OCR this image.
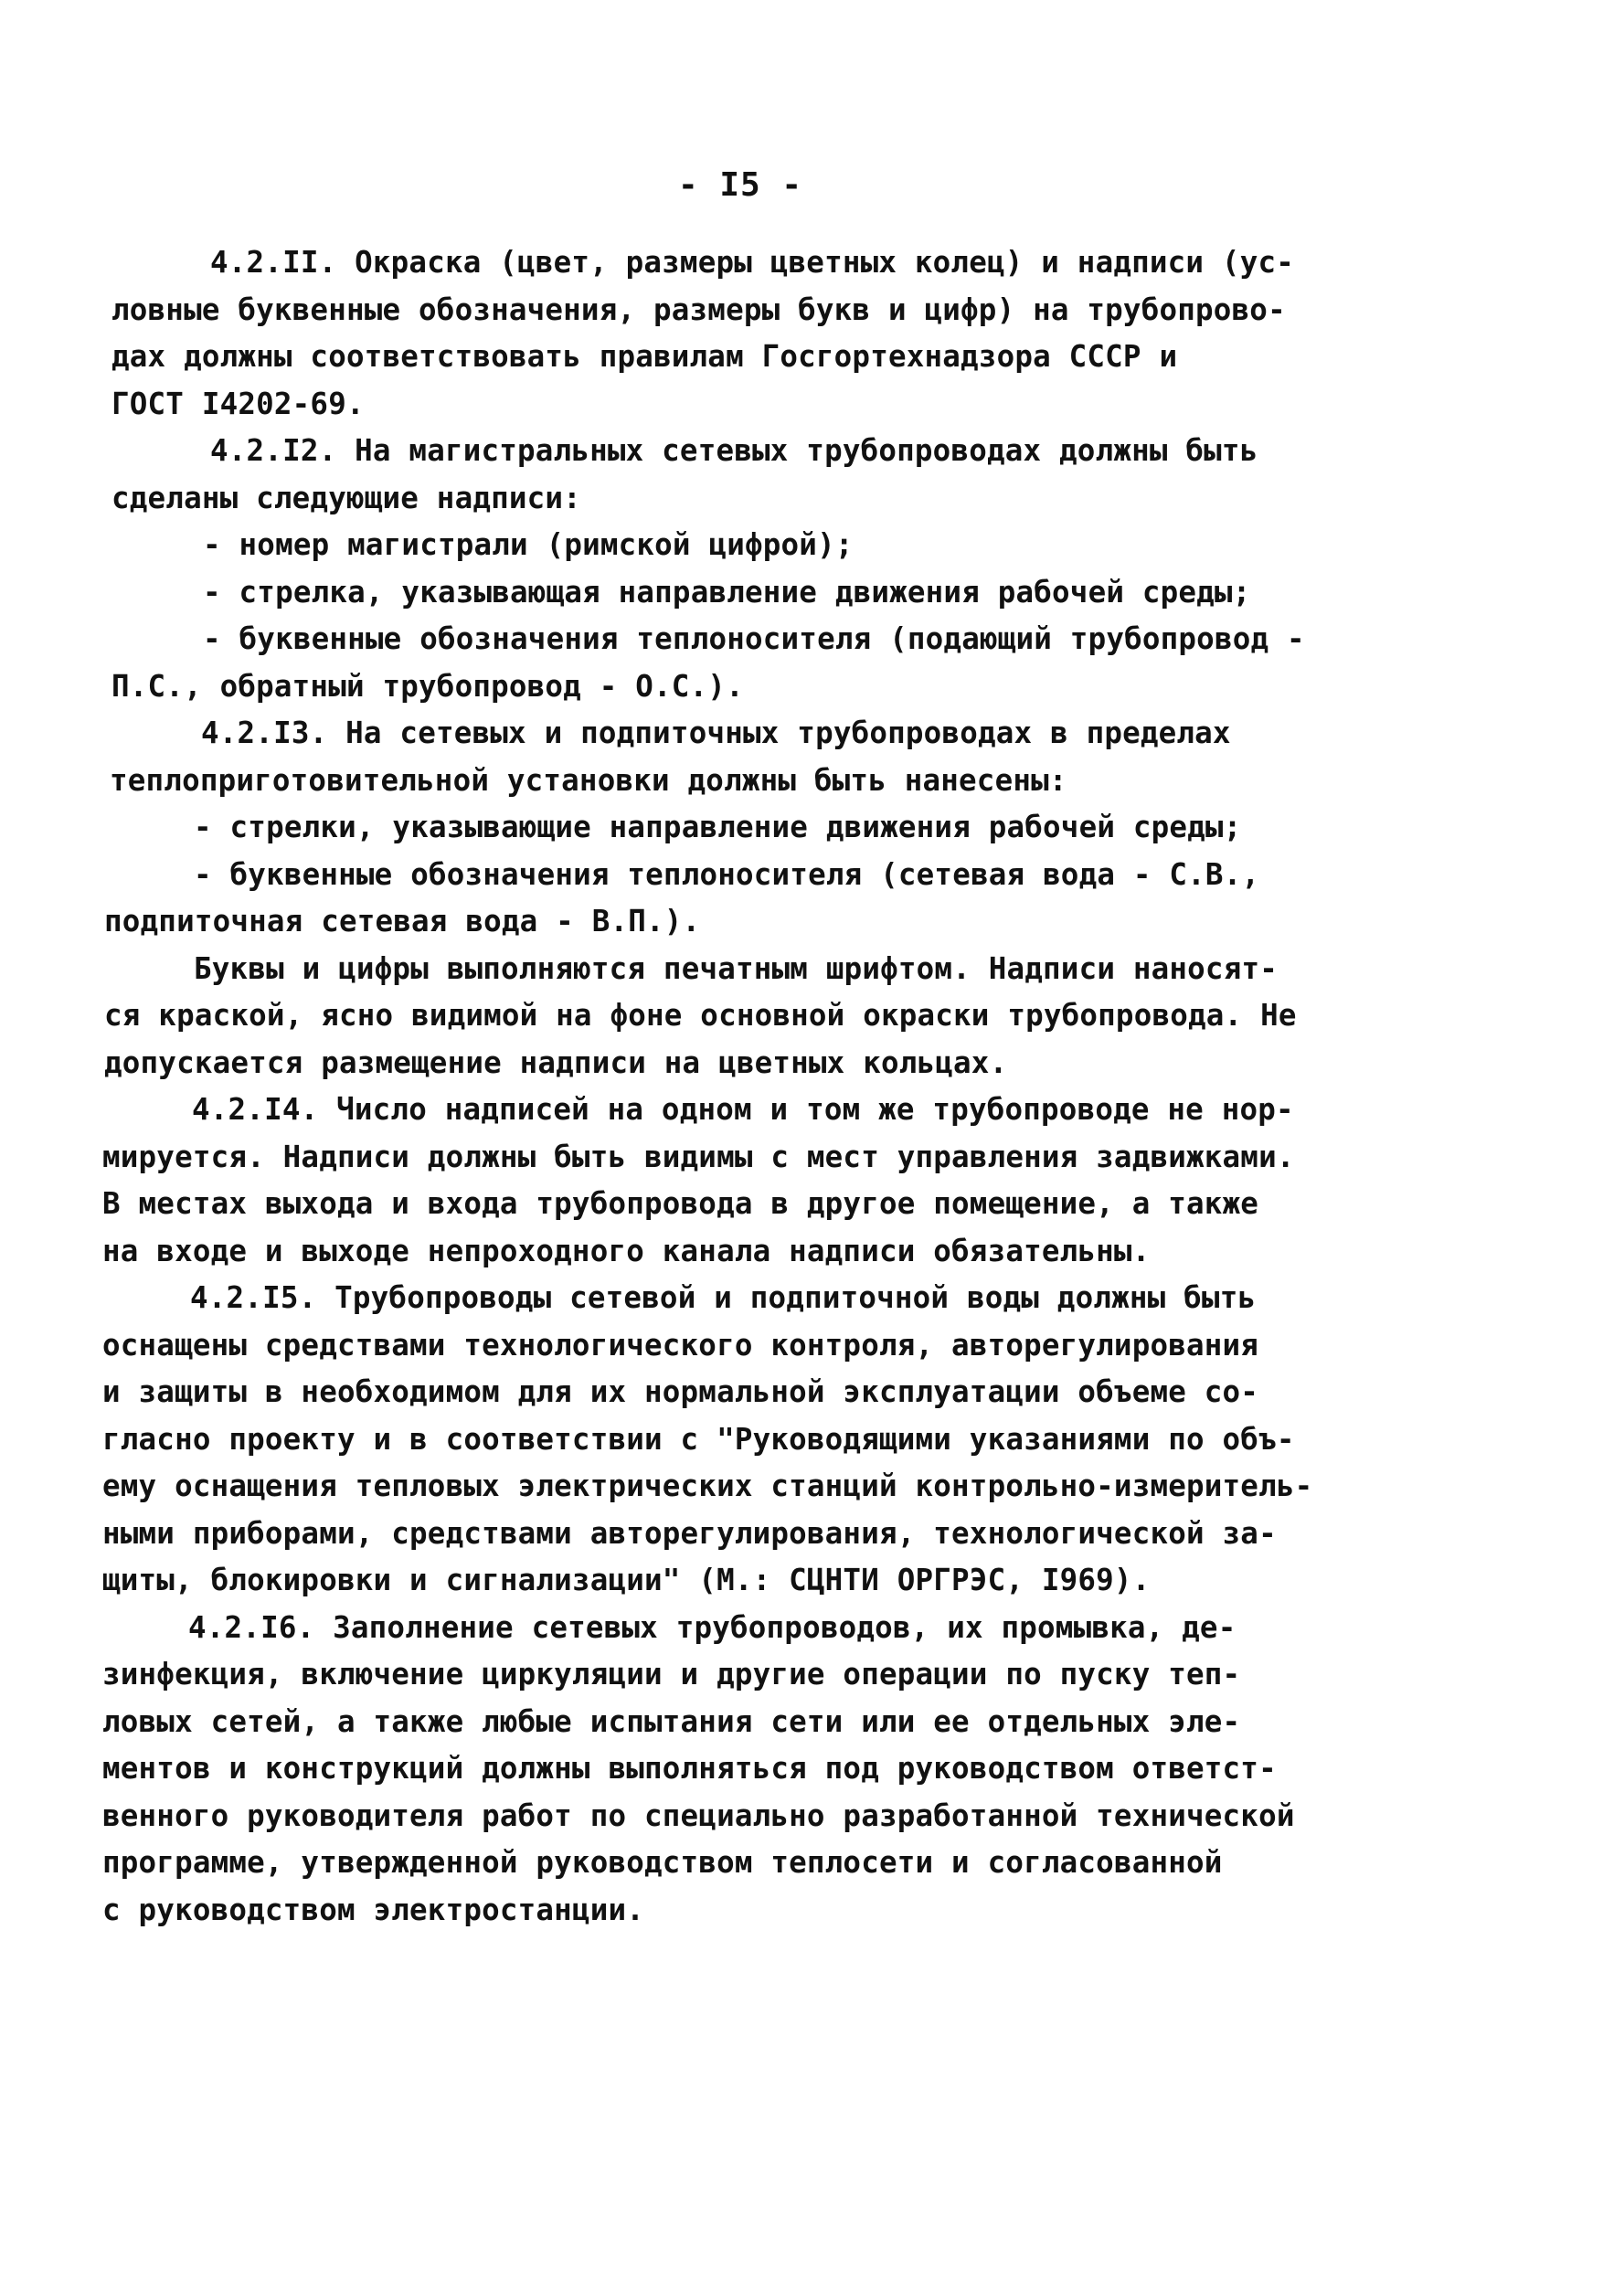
- I5 -
4.2.II. Окраска (цвет, размеры цветных колец) и надписи (ус-
ловные буквенные обозначения, размеры букв и цифр) на трубопрово-
дах должны соответствовать правилам Госгортехнадзора СССР и
ГОСТ I4202-69.
4.2.I2. На магистральных сетевых трубопроводах должны быть
сделаны следующие надписи:
- номер магистрали (римской цифрой);
- стрелка, указывающая направление движения рабочей среды;
- буквенные обозначения теплоносителя (подающий трубопровод -
П.С., обратный трубопровод - О.С.).
4.2.I3. На сетевых и подпиточных трубопроводах в пределах
теплоприготовительной установки должны быть нанесены:
- стрелки, указывающие направление движения рабочей среды;
- буквенные обозначения теплоносителя (сетевая вода - С.В.,
подпиточная сетевая вода - В.П.).
Буквы и цифры выполняются печатным шрифтом. Надписи наносят-
ся краской, ясно видимой на фоне основной окраски трубопровода. Не
допускается размещение надписи на цветных кольцах.
4.2.I4. Число надписей на одном и том же трубопроводе не нор-
мируется. Надписи должны быть видимы с мест управления задвижками.
В местах выхода и входа трубопровода в другое помещение, а также
на входе и выходе непроходного канала надписи обязательны.
4.2.I5. Трубопроводы сетевой и подпиточной воды должны быть
оснащены средствами технологического контроля, авторегулирования
и защиты в необходимом для их нормальной эксплуатации объеме со-
гласно проекту и в соответствии с "Руководящими указаниями по объ-
ему оснащения тепловых электрических станций контрольно-измеритель-
ными приборами, средствами авторегулирования, технологической за-
щиты, блокировки и сигнализации" (М.: СЦНТИ ОРГРЭС, I969).
4.2.I6. Заполнение сетевых трубопроводов, их промывка, де-
зинфекция, включение циркуляции и другие операции по пуску теп-
ловых сетей, а также любые испытания сети или ее отдельных эле-
ментов и конструкций должны выполняться под руководством ответст-
венного руководителя работ по специально разработанной технической
программе, утвержденной руководством теплосети и согласованной
с руководством электростанции.
